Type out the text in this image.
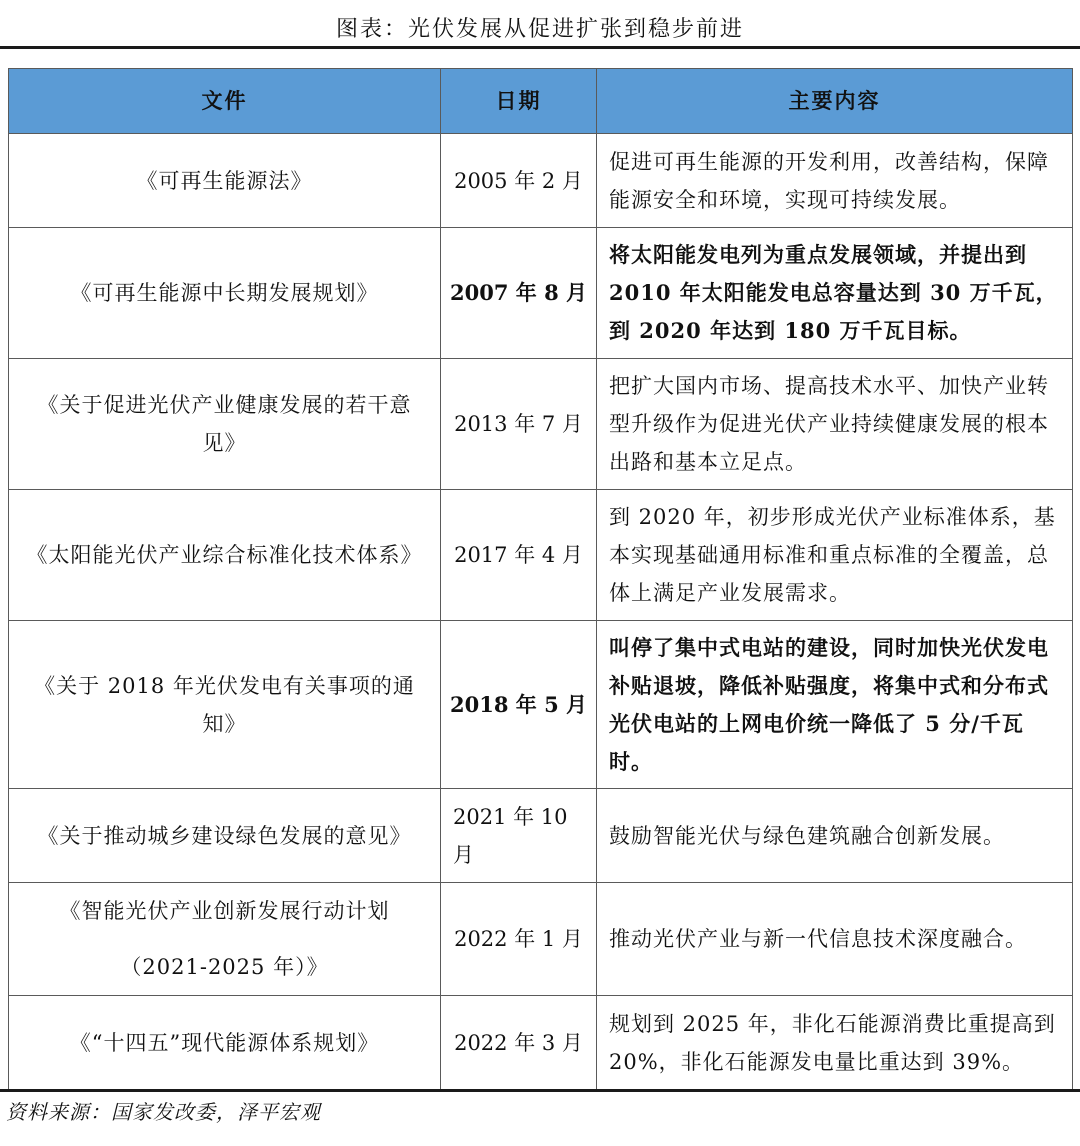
图表：光伏发展从促进扩张到稳步前进
文件	日期	主要内容
《可再生能源法》	2005 年 2 月	促进可再生能源的开发利用，改善结构，保障能源安全和环境，实现可持续发展。
《可再生能源中长期发展规划》	2007 年 8 月	将太阳能发电列为重点发展领域，并提出到 2010 年太阳能发电总容量达到 30 万千瓦，到 2020 年达到 180 万千瓦目标。
《关于促进光伏产业健康发展的若干意见》	2013 年 7 月	把扩大国内市场、提高技术水平、加快产业转型升级作为促进光伏产业持续健康发展的根本出路和基本立足点。
《太阳能光伏产业综合标准化技术体系》	2017 年 4 月	到 2020 年，初步形成光伏产业标准体系，基本实现基础通用标准和重点标准的全覆盖，总体上满足产业发展需求。
《关于 2018 年光伏发电有关事项的通知》	2018 年 5 月	叫停了集中式电站的建设，同时加快光伏发电补贴退坡，降低补贴强度，将集中式和分布式光伏电站的上网电价统一降低了 5 分/千瓦时。
《关于推动城乡建设绿色发展的意见》	2021 年 10 月	鼓励智能光伏与绿色建筑融合创新发展。
《智能光伏产业创新发展行动计划（2021-2025 年）》	2022 年 1 月	推动光伏产业与新一代信息技术深度融合。
《“十四五”现代能源体系规划》	2022 年 3 月	规划到 2025 年，非化石能源消费比重提高到 20%，非化石能源发电量比重达到 39%。
资料来源：国家发改委，泽平宏观
